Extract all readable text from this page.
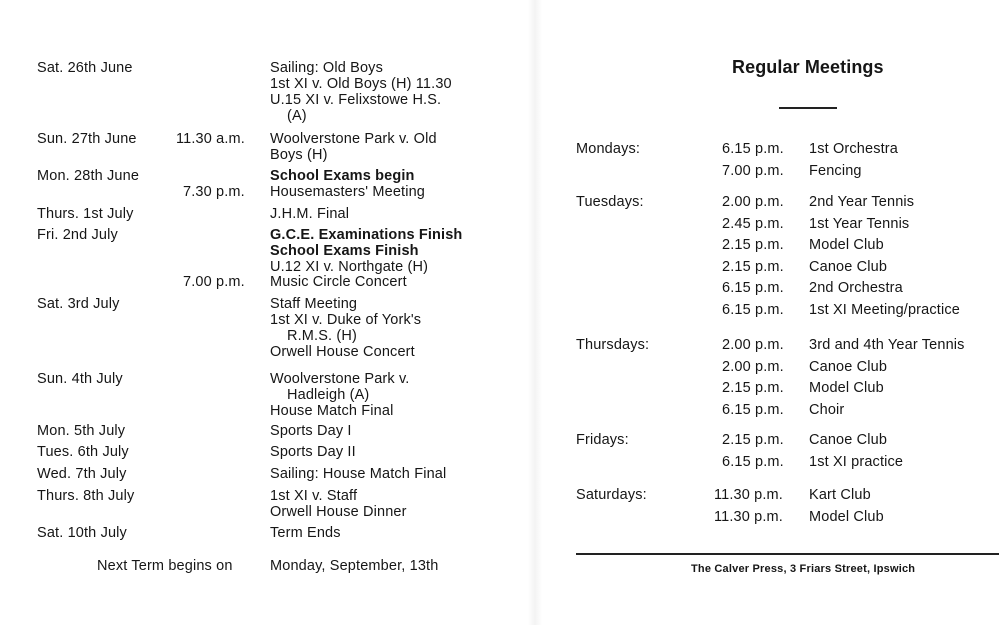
Next Term begins on	Monday, September, 13th
Sat. 26th June	Sailing: Old Boys
1st XI v. Old Boys (H) 11.30
U.15 XI v. Felixstowe H.S.
(A)
Sun. 27th June	11.30 a.m. Woolverstone Park v. Old
Boys (H)
Mon. 28th June	School Exams begin
7.30 p.m. Housemasters' Meeting
Thurs. 1st July	J.H.M. Final
Fri. 2nd July	G.C.E. Examinations Finish
School Exams Finish
U.12 XI v. Northgate (H)
7.00 p.m. Music Circle Concert
Sat. 3rd July	Staff Meeting
1st XI v. Duke of York's
R.M.S. (H)
Orwell House Concert
Sun. 4th July	Woolverstone Park v.
Hadleigh (A)
House Match Final
Mon. 5th July	Sports Day I
Tues. 6th July	Sports Day II
Wed. 7th July	Sailing: House Match Final
Thurs. 8th July	1st XI v. Staff
Orwell House Dinner
Sat. 10th July	Term Ends
Regular Meetings
The Calver Press, 3 Friars Street, Ipswich
Mondays:	6.15 p.m. 1st Orchestra
7.00 p.m. Fencing
Tuesdays:	2.00 p.m. 2nd Year Tennis
2.45 p.m. 1st Year Tennis
2.15 p.m. Model Club
2.15 p.m. Canoe Club
6.15 p.m. 2nd Orchestra
6.15 p.m. 1st XI Meeting/practice
Thursdays:	2.00 p.m. 3rd and 4th Year Tennis
2.00 p.m. Canoe Club
2.15 p.m. Model Club
6.15 p.m. Choir
Fridays:	2.15 p.m. Canoe Club
6.15 p.m. 1st XI practice
Saturdays:	11.30 p.m. Kart Club
11.30 p.m. Model Club
